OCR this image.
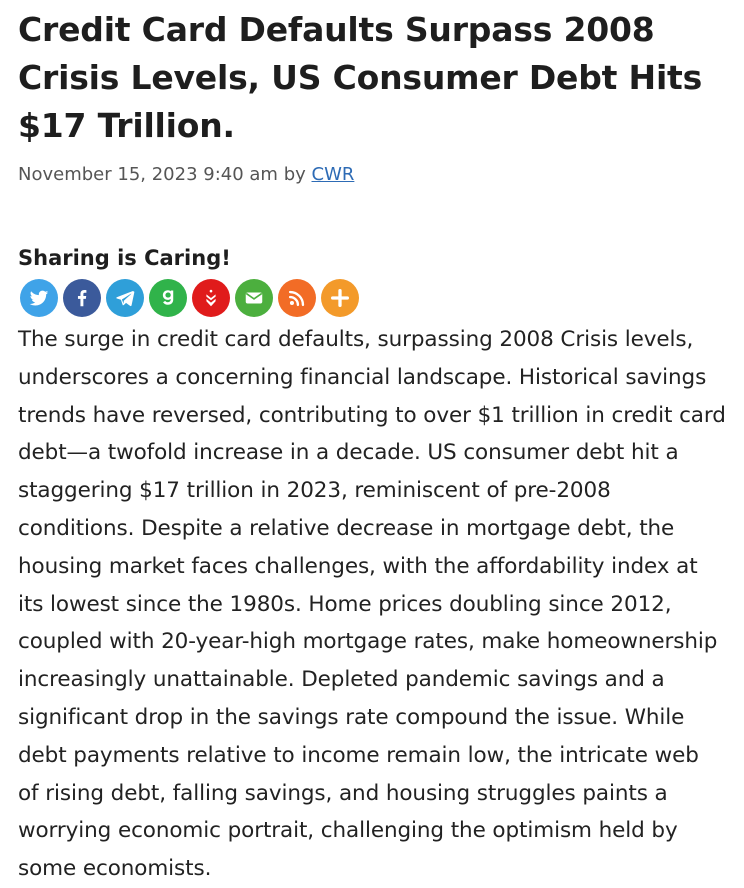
Credit Card Defaults Surpass 2008 Crisis Levels, US Consumer Debt Hits $17 Trillion.
November 15, 2023 9:40 am by CWR
Sharing is Caring!

The surge in credit card defaults, surpassing 2008 Crisis levels, underscores a concerning financial landscape. Historical savings trends have reversed, contributing to over $1 trillion in credit card debt—a twofold increase in a decade. US consumer debt hit a staggering $17 trillion in 2023, reminiscent of pre-2008 conditions. Despite a relative decrease in mortgage debt, the housing market faces challenges, with the affordability index at its lowest since the 1980s. Home prices doubling since 2012, coupled with 20-year-high mortgage rates, make homeownership increasingly unattainable. Depleted pandemic savings and a significant drop in the savings rate compound the issue. While debt payments relative to income remain low, the intricate web of rising debt, falling savings, and housing struggles paints a worrying economic portrait, challenging the optimism held by some economists.
